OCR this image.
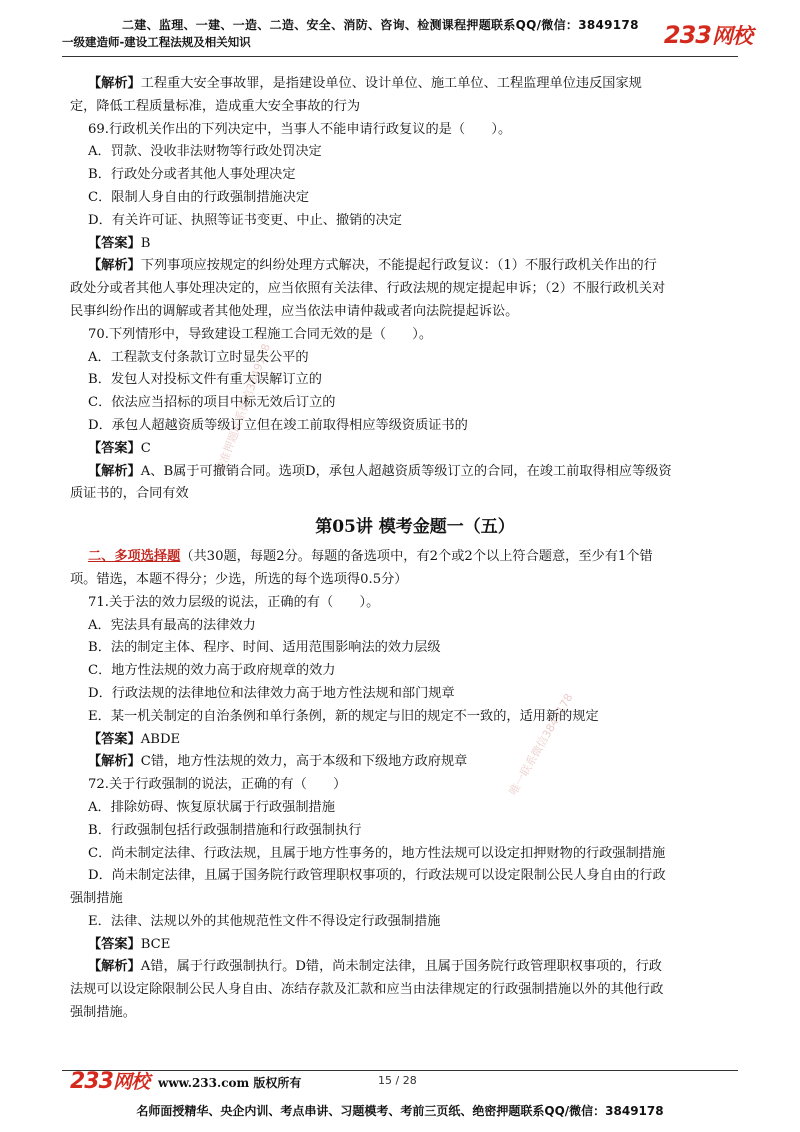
二建、监理、一建、一造、二造、安全、消防、咨询、检测课程押题联系QQ/微信：3849178
一级建造师-建设工程法规及相关知识	233网校
精准押题联系微信3849178
唯一联系微信3849178
【解析】工程重大安全事故罪，是指建设单位、设计单位、施工单位、工程监理单位违反国家规
定，降低工程质量标准，造成重大安全事故的行为
69.行政机关作出的下列决定中，当事人不能申请行政复议的是（　　）。
A．罚款、没收非法财物等行政处罚决定
B．行政处分或者其他人事处理决定
C．限制人身自由的行政强制措施决定
D．有关许可证、执照等证书变更、中止、撤销的决定
【答案】B
【解析】下列事项应按规定的纠纷处理方式解决，不能提起行政复议：（1）不服行政机关作出的行
政处分或者其他人事处理决定的，应当依照有关法律、行政法规的规定提起申诉；（2）不服行政机关对
民事纠纷作出的调解或者其他处理，应当依法申请仲裁或者向法院提起诉讼。
70.下列情形中，导致建设工程施工合同无效的是（　　）。
A．工程款支付条款订立时显失公平的
B．发包人对投标文件有重大误解订立的
C．依法应当招标的项目中标无效后订立的
D．承包人超越资质等级订立但在竣工前取得相应等级资质证书的
【答案】C
【解析】A、B属于可撤销合同。选项D，承包人超越资质等级订立的合同，在竣工前取得相应等级资
质证书的，合同有效
第05讲 模考金题一（五）
二、多项选择题（共30题，每题2分。每题的备选项中，有2个或2个以上符合题意，至少有1个错
项。错选，本题不得分；少选，所选的每个选项得0.5分）
71.关于法的效力层级的说法，正确的有（　　）。
A．宪法具有最高的法律效力
B．法的制定主体、程序、时间、适用范围影响法的效力层级
C．地方性法规的效力高于政府规章的效力
D．行政法规的法律地位和法律效力高于地方性法规和部门规章
E．某一机关制定的自治条例和单行条例，新的规定与旧的规定不一致的，适用新的规定
【答案】ABDE
【解析】C错，地方性法规的效力，高于本级和下级地方政府规章
72.关于行政强制的说法，正确的有（　　）
A．排除妨碍、恢复原状属于行政强制措施
B．行政强制包括行政强制措施和行政强制执行
C．尚未制定法律、行政法规，且属于地方性事务的，地方性法规可以设定扣押财物的行政强制措施
D．尚未制定法律，且属于国务院行政管理职权事项的，行政法规可以设定限制公民人身自由的行政
强制措施
E．法律、法规以外的其他规范性文件不得设定行政强制措施
【答案】BCE
【解析】A错，属于行政强制执行。D错，尚未制定法律，且属于国务院行政管理职权事项的，行政
法规可以设定除限制公民人身自由、冻结存款及汇款和应当由法律规定的行政强制措施以外的其他行政
强制措施。
233网校 www.233.com 版权所有	15 / 28
名师面授精华、央企内训、考点串讲、习题模考、考前三页纸、绝密押题联系QQ/微信：3849178
